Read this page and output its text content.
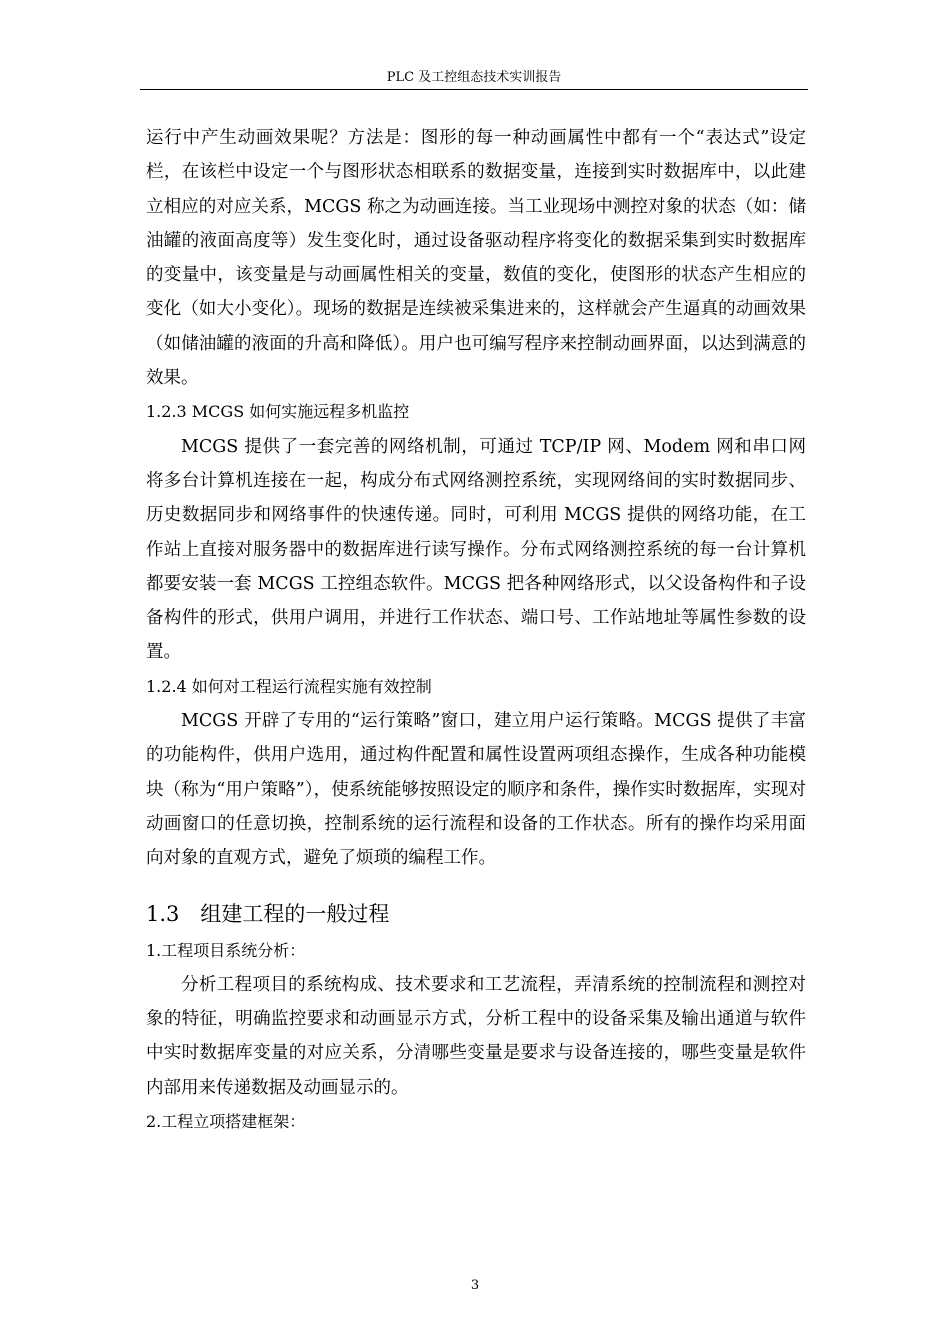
PLC 及工控组态技术实训报告

运行中产生动画效果呢？方法是：图形的每一种动画属性中都有一个“表达式”设定栏，在该栏中设定一个与图形状态相联系的数据变量，连接到实时数据库中，以此建立相应的对应关系，MCGS 称之为动画连接。当工业现场中测控对象的状态（如：储油罐的液面高度等）发生变化时，通过设备驱动程序将变化的数据采集到实时数据库的变量中，该变量是与动画属性相关的变量，数值的变化，使图形的状态产生相应的变化（如大小变化）。现场的数据是连续被采集进来的，这样就会产生逼真的动画效果（如储油罐的液面的升高和降低）。用户也可编写程序来控制动画界面，以达到满意的效果。

1.2.3 MCGS 如何实施远程多机监控

MCGS 提供了一套完善的网络机制，可通过 TCP/IP 网、Modem 网和串口网将多台计算机连接在一起，构成分布式网络测控系统，实现网络间的实时数据同步、历史数据同步和网络事件的快速传递。同时，可利用 MCGS 提供的网络功能，在工作站上直接对服务器中的数据库进行读写操作。分布式网络测控系统的每一台计算机都要安装一套 MCGS 工控组态软件。MCGS 把各种网络形式，以父设备构件和子设备构件的形式，供用户调用，并进行工作状态、端口号、工作站地址等属性参数的设置。

1.2.4 如何对工程运行流程实施有效控制

MCGS 开辟了专用的“运行策略”窗口，建立用户运行策略。MCGS 提供了丰富的功能构件，供用户选用，通过构件配置和属性设置两项组态操作，生成各种功能模块（称为“用户策略”），使系统能够按照设定的顺序和条件，操作实时数据库，实现对动画窗口的任意切换，控制系统的运行流程和设备的工作状态。所有的操作均采用面向对象的直观方式，避免了烦琐的编程工作。

1.3　组建工程的一般过程

1.工程项目系统分析：

分析工程项目的系统构成、技术要求和工艺流程，弄清系统的控制流程和测控对象的特征，明确监控要求和动画显示方式，分析工程中的设备采集及输出通道与软件中实时数据库变量的对应关系，分清哪些变量是要求与设备连接的，哪些变量是软件内部用来传递数据及动画显示的。

2.工程立项搭建框架：

3
